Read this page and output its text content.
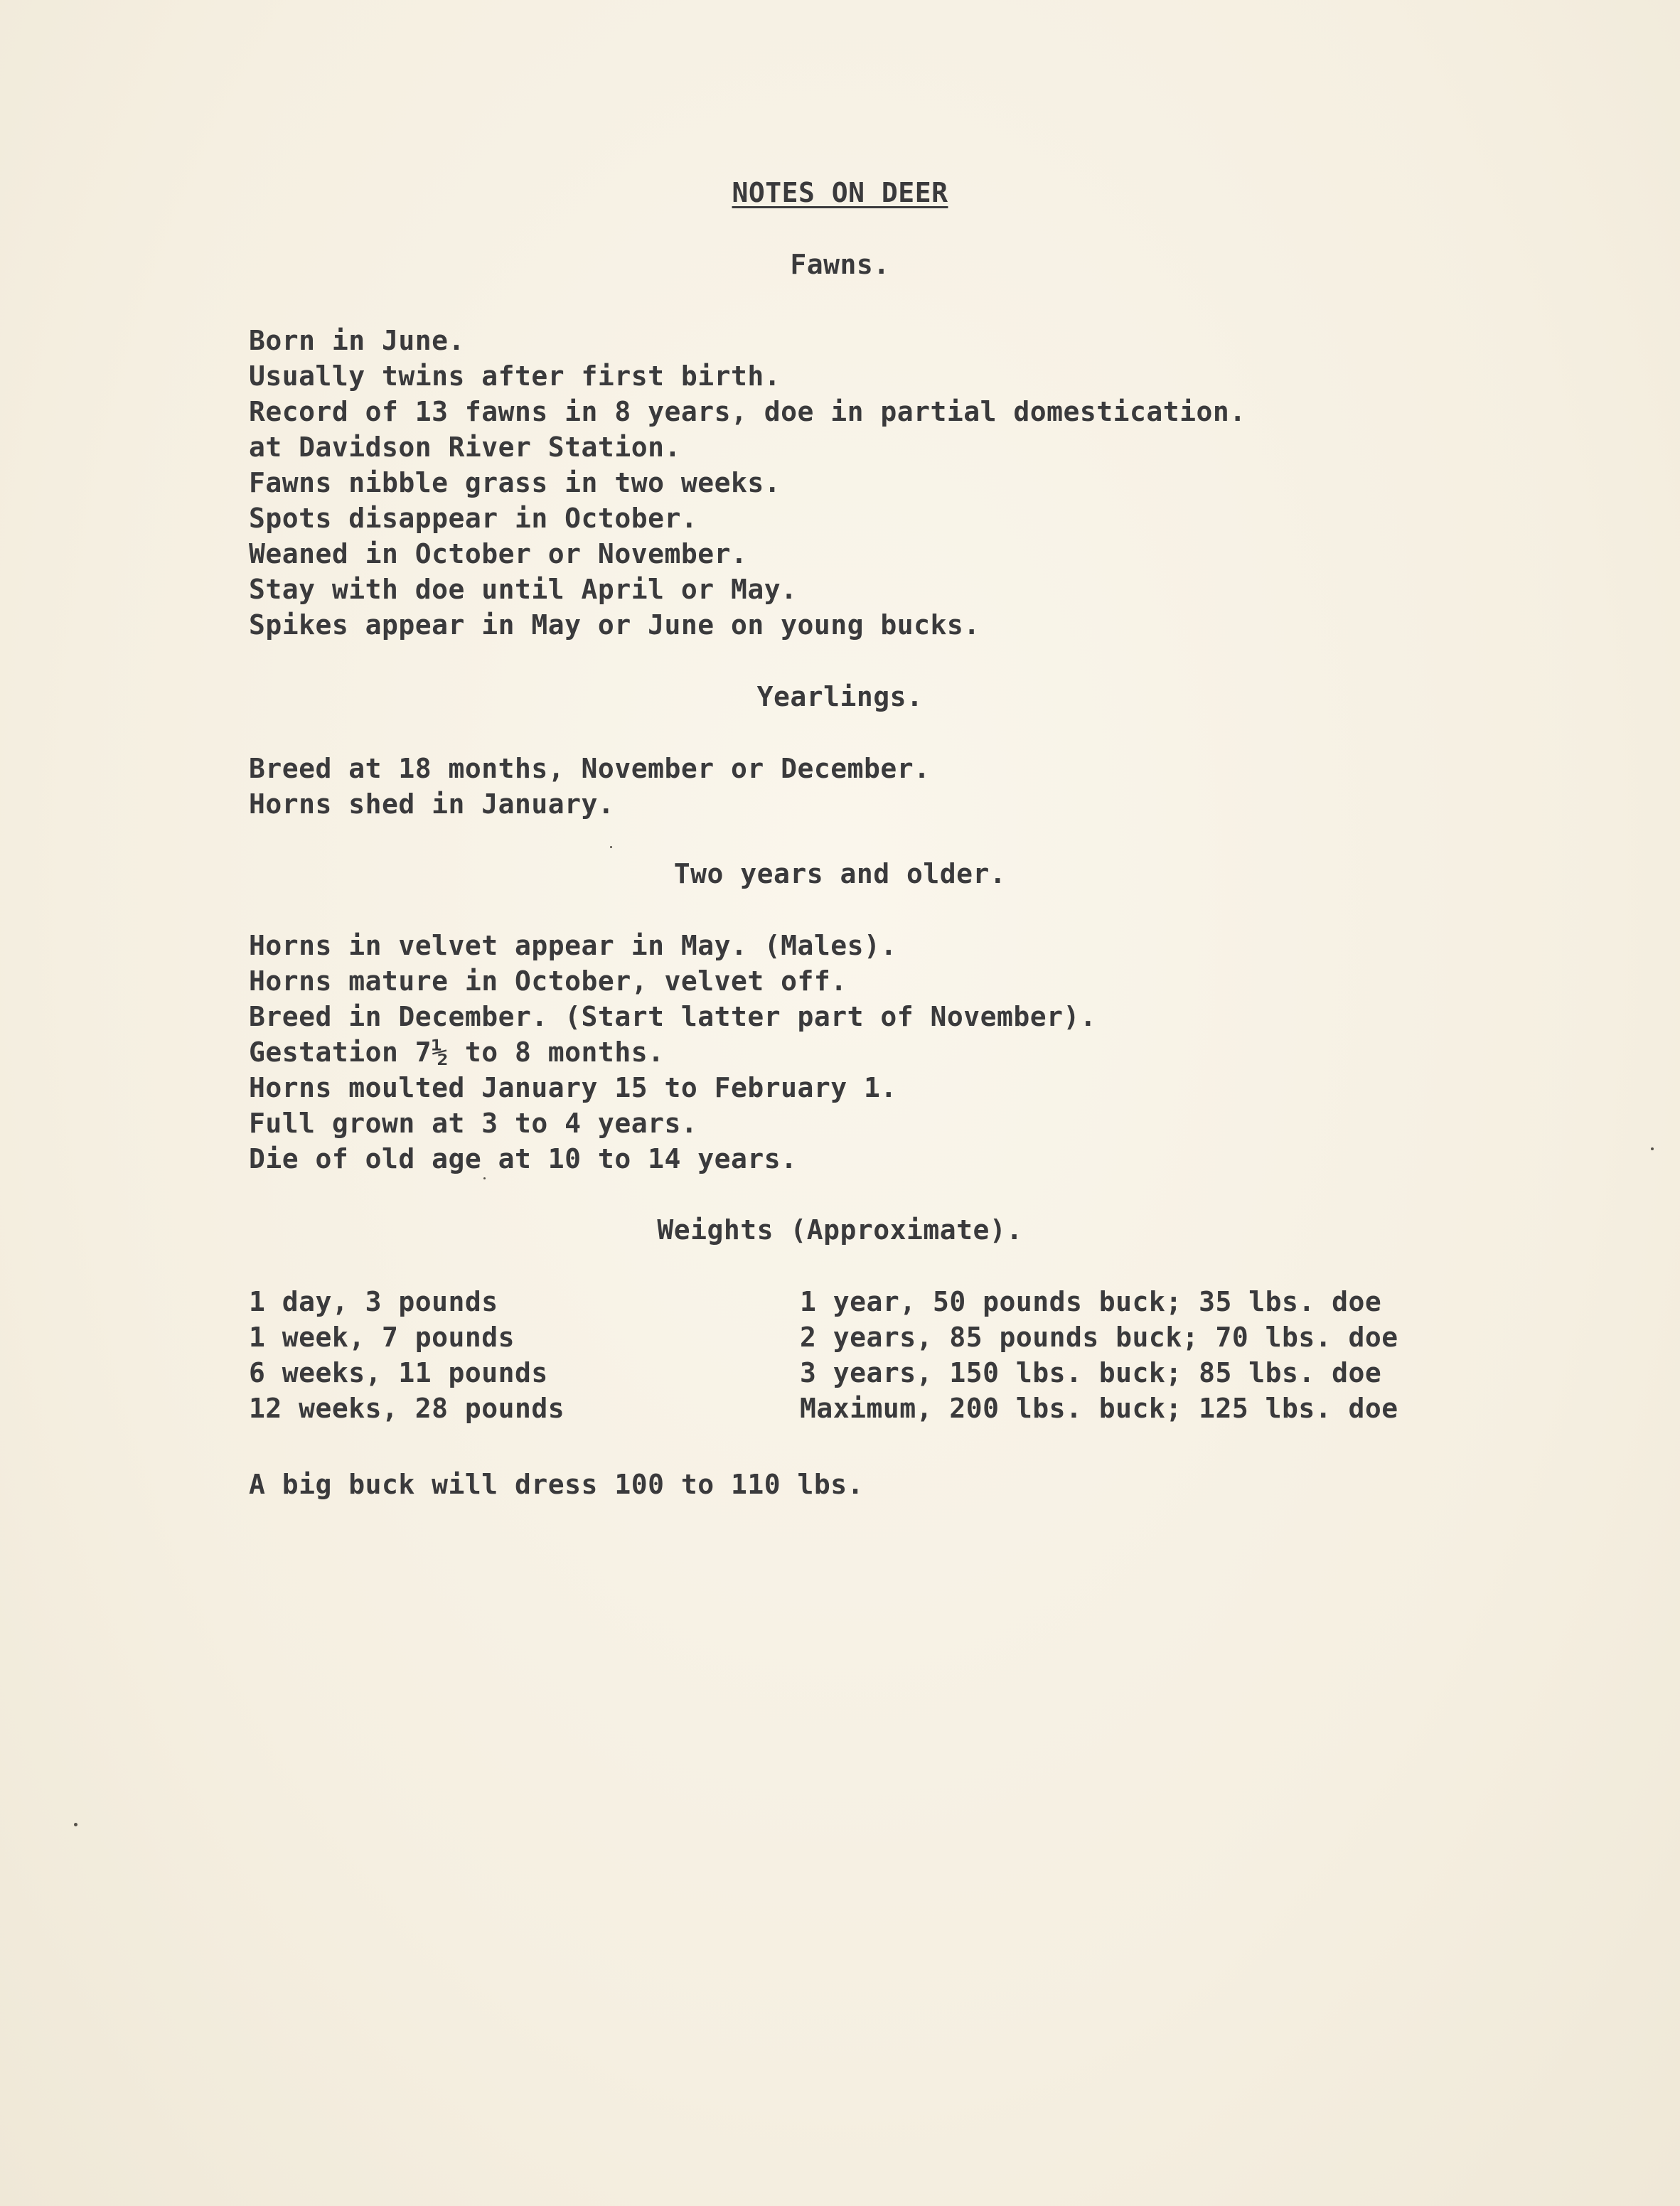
NOTES ON DEER
Fawns.
Born in June.
Usually twins after first birth.
Record of 13 fawns in 8 years, doe in partial domestication.
at Davidson River Station.
Fawns nibble grass in two weeks.
Spots disappear in October.
Weaned in October or November.
Stay with doe until April or May.
Spikes appear in May or June on young bucks.
Yearlings.
Breed at 18 months, November or December.
Horns shed in January.
Two years and older.
Horns in velvet appear in May. (Males).
Horns mature in October, velvet off.
Breed in December. (Start latter part of November).
Gestation 7½ to 8 months.
Horns moulted January 15 to February 1.
Full grown at 3 to 4 years.
Die of old age at 10 to 14 years.
Weights (Approximate).
1 day, 3 pounds
1 week, 7 pounds
6 weeks, 11 pounds
12 weeks, 28 pounds
1 year, 50 pounds buck; 35 lbs. doe
2 years, 85 pounds buck; 70 lbs. doe
3 years, 150 lbs. buck; 85 lbs. doe
Maximum, 200 lbs. buck; 125 lbs. doe

A big buck will dress 100 to 110 lbs.
